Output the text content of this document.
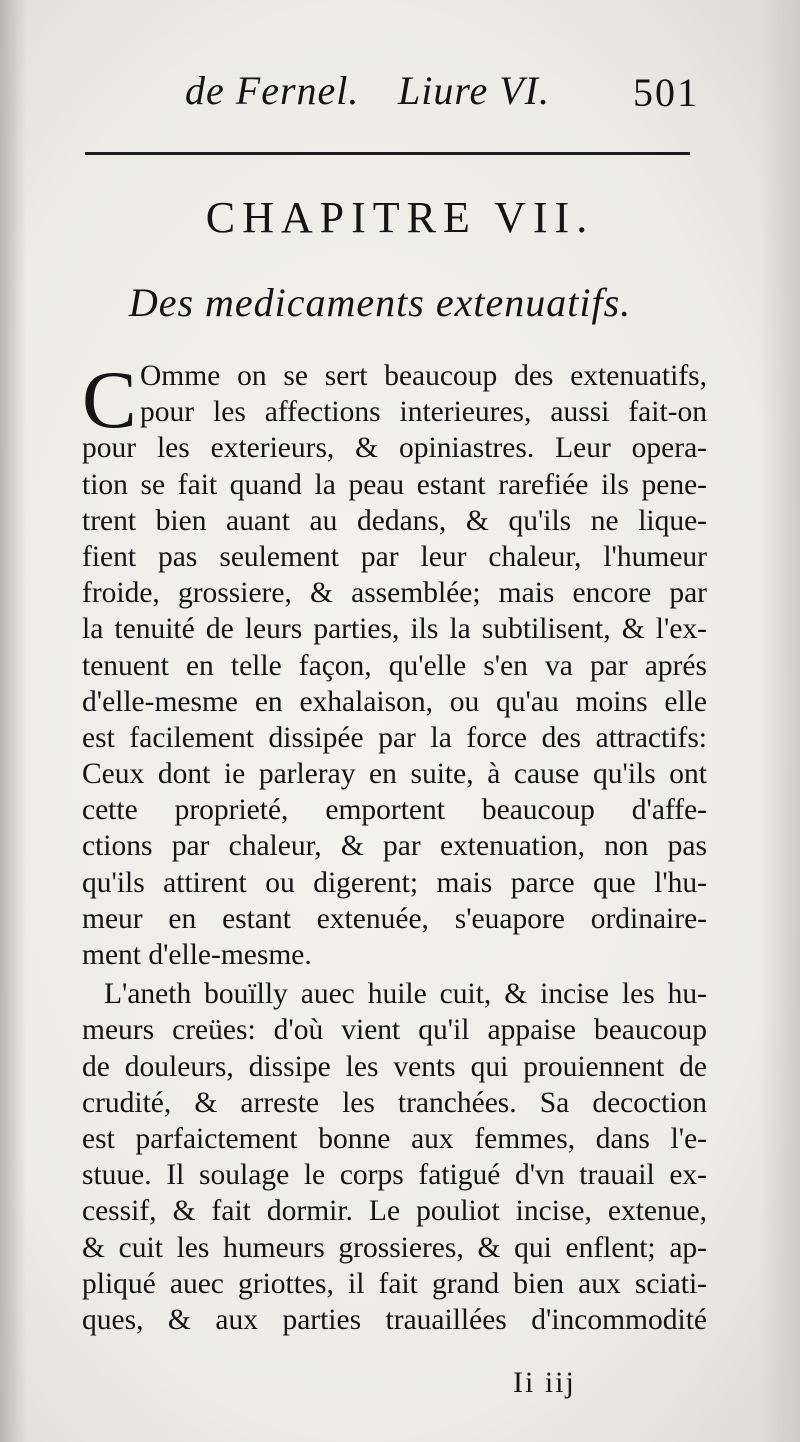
de Fernel. Liure VI. 501
CHAPITRE VII.
Des medicaments extenuatifs.
C Omme on se sert beaucoup des extenuatifs,
pour les affections interieures, aussi fait-on
pour les exterieurs, & opiniastres. Leur opera-
tion se fait quand la peau estant rarefiée ils pene-
trent bien auant au dedans, & qu'ils ne lique-
fient pas seulement par leur chaleur, l'humeur
froide, grossiere, & assemblée; mais encore par
la tenuité de leurs parties, ils la subtilisent, & l'ex-
tenuent en telle façon, qu'elle s'en va par aprés
d'elle-mesme en exhalaison, ou qu'au moins elle
est facilement dissipée par la force des attractifs:
Ceux dont ie parleray en suite, à cause qu'ils ont
cette proprieté, emportent beaucoup d'affe-
ctions par chaleur, & par extenuation, non pas
qu'ils attirent ou digerent; mais parce que l'hu-
meur en estant extenuée, s'euapore ordinaire-
ment d'elle-mesme.
L'aneth bouïlly auec huile cuit, & incise les hu-
meurs creües: d'où vient qu'il appaise beaucoup
de douleurs, dissipe les vents qui prouiennent de
crudité, & arreste les tranchées. Sa decoction
est parfaictement bonne aux femmes, dans l'e-
stuue. Il soulage le corps fatigué d'vn trauail ex-
cessif, & fait dormir. Le pouliot incise, extenue,
& cuit les humeurs grossieres, & qui enflent; ap-
pliqué auec griottes, il fait grand bien aux sciati-
ques, & aux parties trauaillées d'incommodité
Ii iij
